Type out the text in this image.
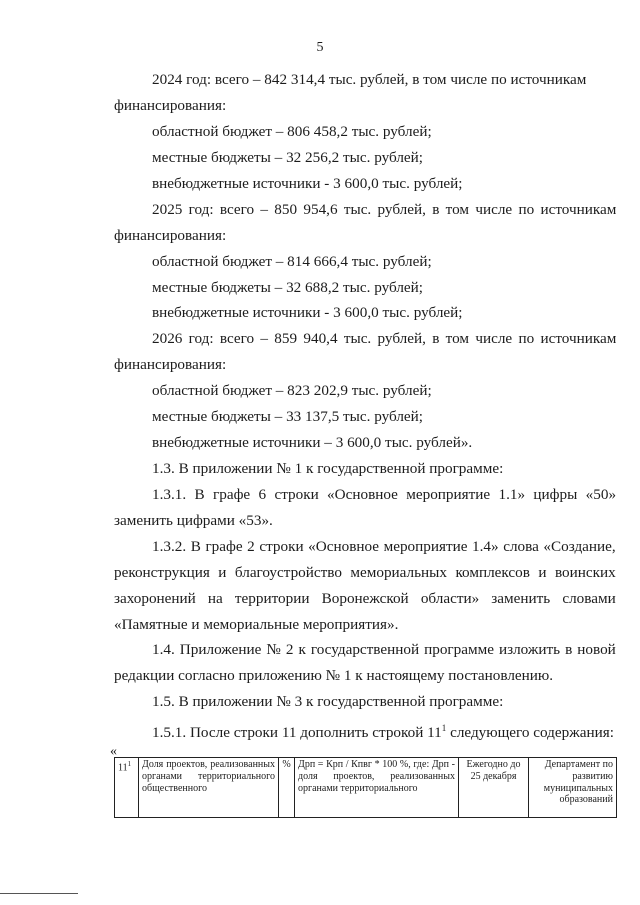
5
2024 год: всего – 842 314,4 тыс. рублей, в том числе по источникам
финансирования:
областной бюджет – 806 458,2 тыс. рублей;
местные бюджеты – 32 256,2 тыс. рублей;
внебюджетные источники - 3 600,0 тыс. рублей;
2025 год: всего – 850 954,6 тыс. рублей, в том числе по источникам
финансирования:
областной бюджет – 814 666,4 тыс. рублей;
местные бюджеты – 32 688,2 тыс. рублей;
внебюджетные источники - 3 600,0 тыс. рублей;
2026 год: всего – 859 940,4 тыс. рублей, в том числе по источникам
финансирования:
областной бюджет – 823 202,9 тыс. рублей;
местные бюджеты – 33 137,5 тыс. рублей;
внебюджетные источники – 3 600,0 тыс. рублей».
1.3. В приложении № 1 к государственной программе:
1.3.1. В графе 6 строки «Основное мероприятие 1.1» цифры «50»
заменить цифрами «53».
1.3.2. В графе 2 строки «Основное мероприятие 1.4» слова «Создание,
реконструкция и благоустройство мемориальных комплексов и воинских
захоронений на территории Воронежской области» заменить словами
«Памятные и мемориальные мероприятия».
1.4. Приложение № 2 к государственной программе изложить в новой
редакции согласно приложению № 1 к настоящему постановлению.
1.5. В приложении № 3 к государственной программе:
1.5.1. После строки 11 дополнить строкой $11^1$ следующего содержания:
«
$11^1$	Доля проектов, реализованных органами территориального общественного	%	Дрп = Крп / Кпвг * 100 %, где: Дрп - доля проектов, реализованных органами территориального	Ежегодно до 25 декабря	Департамент по развитию муниципальных образований
